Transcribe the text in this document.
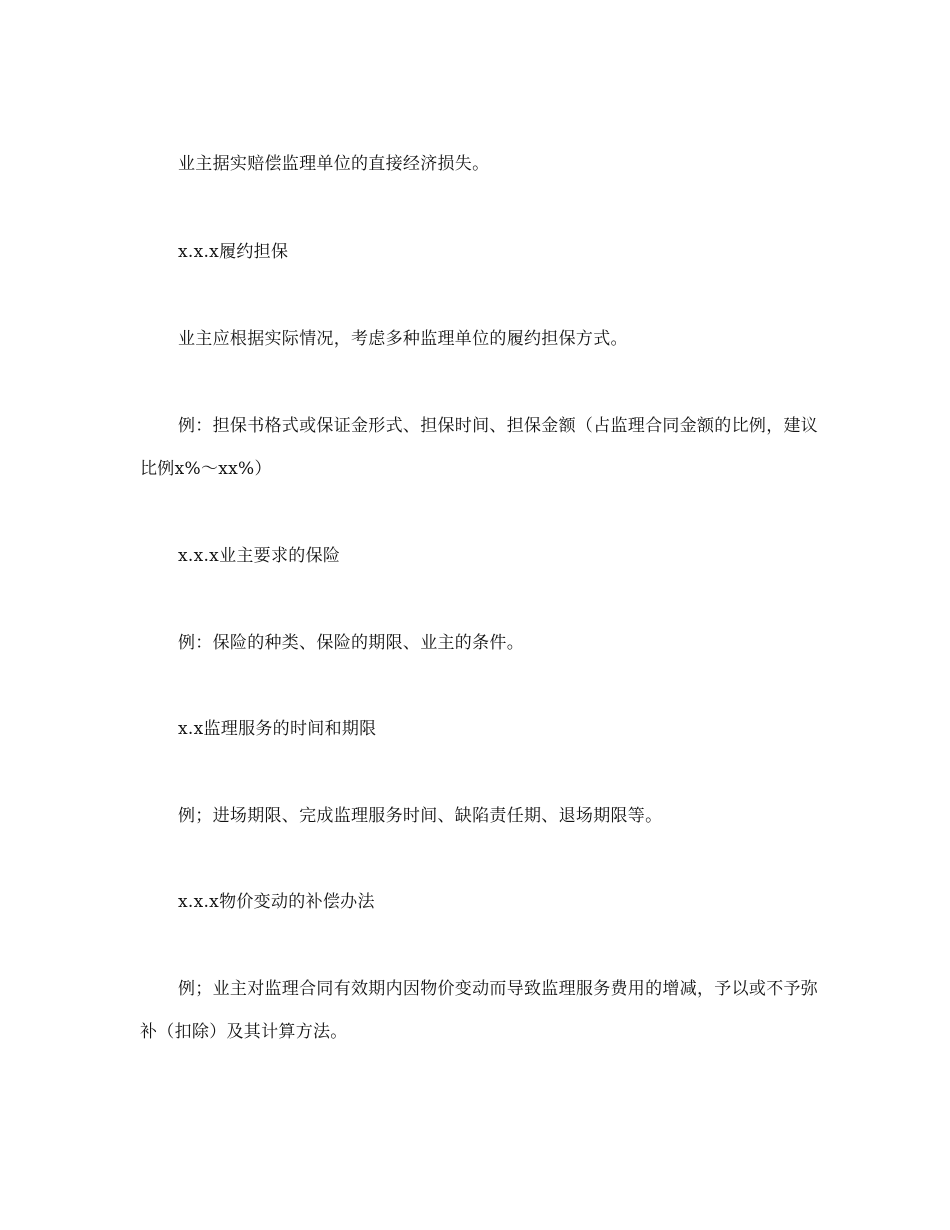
业主据实赔偿监理单位的直接经济损失。

x.x.x履约担保

业主应根据实际情况，考虑多种监理单位的履约担保方式。

例：担保书格式或保证金形式、担保时间、担保金额（占监理合同金额的比例，建议比例x%～xx%）

x.x.x业主要求的保险

例：保险的种类、保险的期限、业主的条件。

x.x监理服务的时间和期限

例；进场期限、完成监理服务时间、缺陷责任期、退场期限等。

x.x.x物价变动的补偿办法

例；业主对监理合同有效期内因物价变动而导致监理服务费用的增减，予以或不予弥补（扣除）及其计算方法。
